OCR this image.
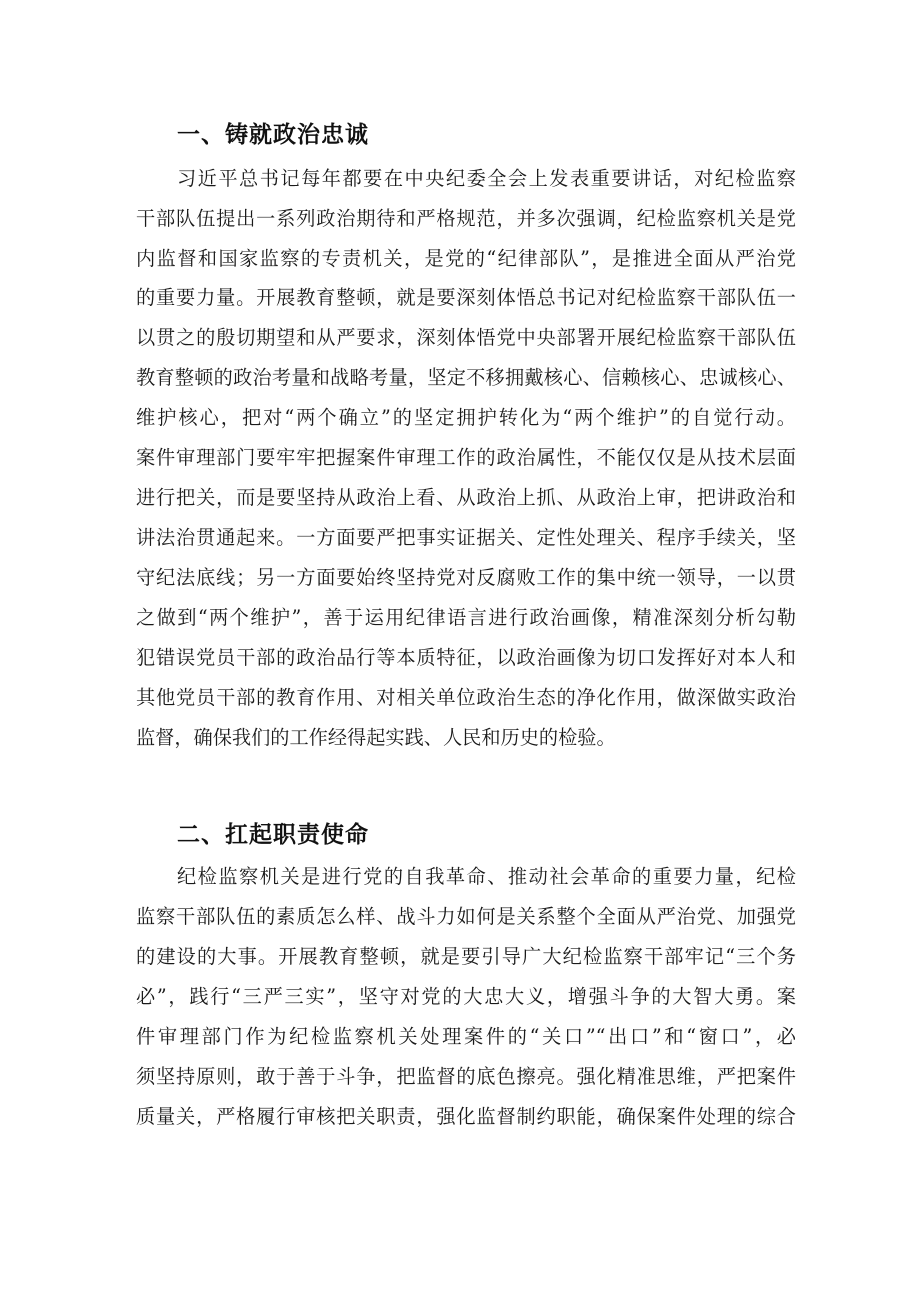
一、铸就政治忠诚
习近平总书记每年都要在中央纪委全会上发表重要讲话，对纪检监察
干部队伍提出一系列政治期待和严格规范，并多次强调，纪检监察机关是党
内监督和国家监察的专责机关，是党的“纪律部队”，是推进全面从严治党
的重要力量。开展教育整顿，就是要深刻体悟总书记对纪检监察干部队伍一
以贯之的殷切期望和从严要求，深刻体悟党中央部署开展纪检监察干部队伍
教育整顿的政治考量和战略考量，坚定不移拥戴核心、信赖核心、忠诚核心、
维护核心，把对“两个确立”的坚定拥护转化为“两个维护”的自觉行动。
案件审理部门要牢牢把握案件审理工作的政治属性，不能仅仅是从技术层面
进行把关，而是要坚持从政治上看、从政治上抓、从政治上审，把讲政治和
讲法治贯通起来。一方面要严把事实证据关、定性处理关、程序手续关，坚
守纪法底线；另一方面要始终坚持党对反腐败工作的集中统一领导，一以贯
之做到“两个维护”，善于运用纪律语言进行政治画像，精准深刻分析勾勒
犯错误党员干部的政治品行等本质特征，以政治画像为切口发挥好对本人和
其他党员干部的教育作用、对相关单位政治生态的净化作用，做深做实政治
监督，确保我们的工作经得起实践、人民和历史的检验。
二、扛起职责使命
纪检监察机关是进行党的自我革命、推动社会革命的重要力量，纪检
监察干部队伍的素质怎么样、战斗力如何是关系整个全面从严治党、加强党
的建设的大事。开展教育整顿，就是要引导广大纪检监察干部牢记“三个务
必”，践行“三严三实”，坚守对党的大忠大义，增强斗争的大智大勇。案
件审理部门作为纪检监察机关处理案件的“关口”“出口”和“窗口”，必
须坚持原则，敢于善于斗争，把监督的底色擦亮。强化精准思维，严把案件
质量关，严格履行审核把关职责，强化监督制约职能，确保案件处理的综合
